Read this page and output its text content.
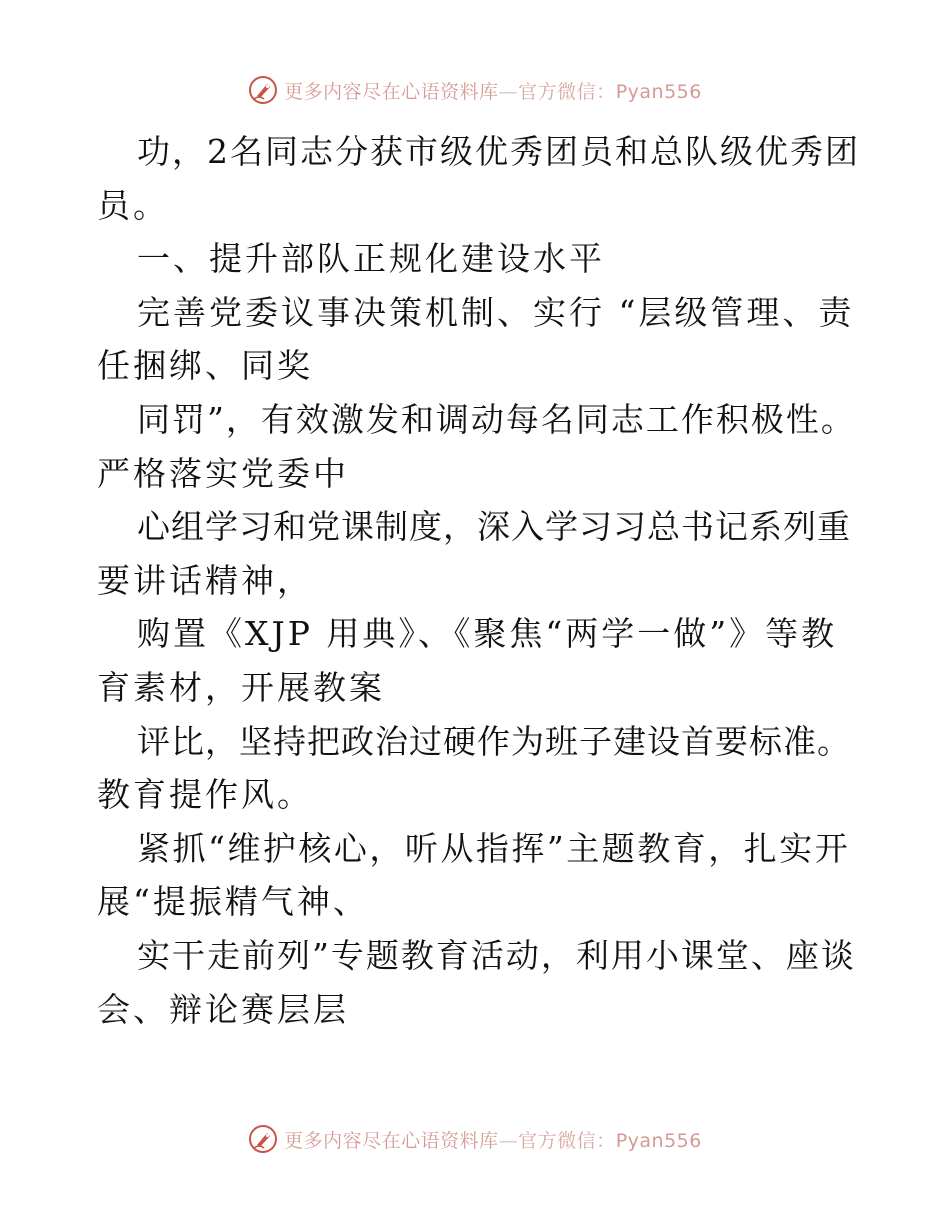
更多内容尽在心语资料库—官方微信：Pyan556
功，2名同志分获市级优秀团员和总队级优秀团
员。
一、提升部队正规化建设水平
完善党委议事决策机制、实行 “层级管理、责
任捆绑、同奖
同罚”，有效激发和调动每名同志工作积极性。
严格落实党委中
心组学习和党课制度，深入学习习总书记系列重
要讲话精神，
购置《XJP 用典》、《聚焦“两学一做”》等教
育素材，开展教案
评比，坚持把政治过硬作为班子建设首要标准。
教育提作风。
紧抓“维护核心，听从指挥”主题教育，扎实开
展“提振精气神、
实干走前列”专题教育活动，利用小课堂、座谈
会、辩论赛层层
更多内容尽在心语资料库—官方微信：Pyan556
